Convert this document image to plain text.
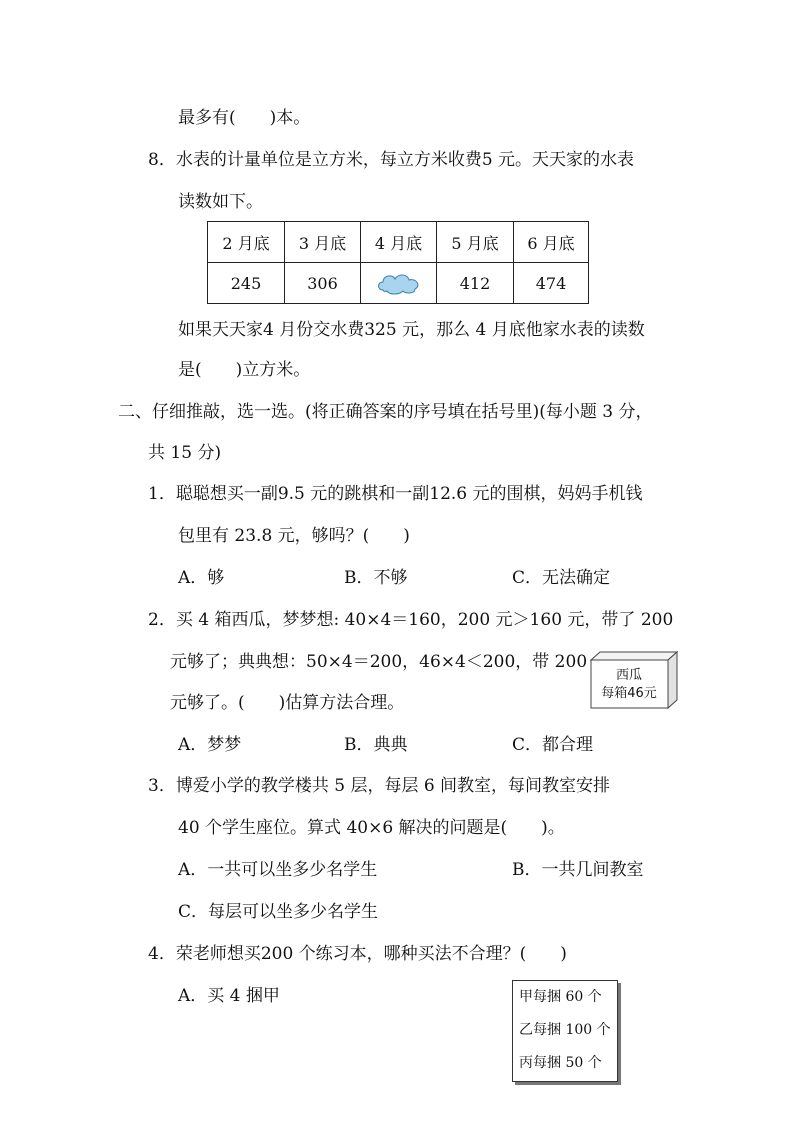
最多有(　　)本。
8．水表的计量单位是立方米，每立方米收费5 元。天天家的水表
读数如下。
2 月底	3 月底	4 月底	5 月底	6 月底
245	306		412	474
如果天天家4 月份交水费325 元，那么 4 月底他家水表的读数
是(　　)立方米。
二、仔细推敲，选一选。(将正确答案的序号填在括号里)(每小题 3 分，
共 15 分)
1．聪聪想买一副9.5 元的跳棋和一副12.6 元的围棋，妈妈手机钱
包里有 23.8 元，够吗？(　　)
A．够	B．不够	C．无法确定
2．买 4 箱西瓜，梦梦想: 40×4＝160，200 元＞160 元，带了 200
元够了；典典想：50×4＝200，46×4＜200，带 200
元够了。(　　)估算方法合理。
西瓜
每箱46元
A．梦梦	B．典典	C．都合理
3．博爱小学的教学楼共 5 层，每层 6 间教室，每间教室安排
40 个学生座位。算式 40×6 解决的问题是(　　)。
A．一共可以坐多少名学生	B．一共几间教室
C．每层可以坐多少名学生
4．荣老师想买200 个练习本，哪种买法不合理？(　　)
A．买 4 捆甲	甲每捆 60 个
乙每捆 100 个
丙每捆 50 个
